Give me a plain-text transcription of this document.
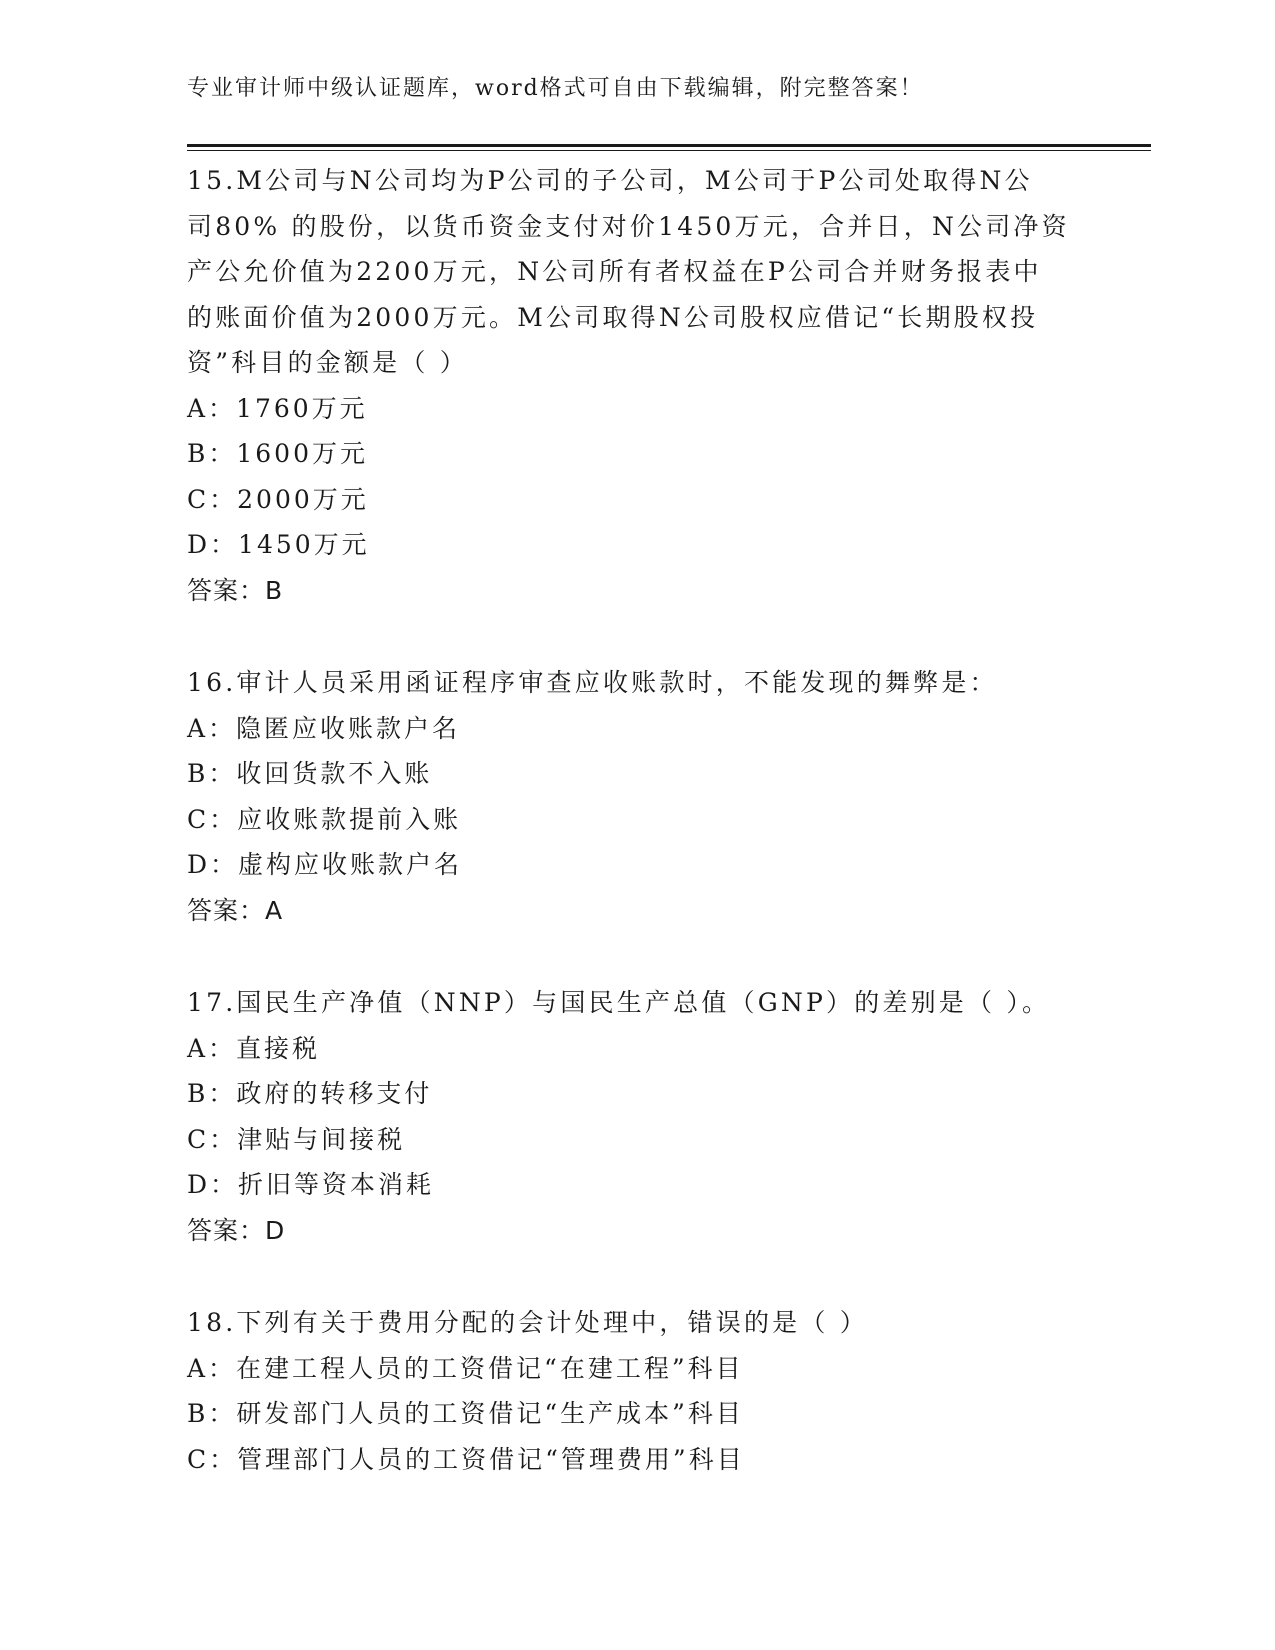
专业审计师中级认证题库，word格式可自由下载编辑，附完整答案！
15.M公司与N公司均为P公司的子公司，M公司于P公司处取得N公
司80% 的股份，以货币资金支付对价1450万元，合并日，N公司净资
产公允价值为2200万元，N公司所有者权益在P公司合并财务报表中
的账面价值为2000万元。M公司取得N公司股权应借记“长期股权投
资”科目的金额是（ ）
A：1760万元
B：1600万元
C：2000万元
D：1450万元
答案：B
16.审计人员采用函证程序审查应收账款时，不能发现的舞弊是：
A：隐匿应收账款户名
B：收回货款不入账
C：应收账款提前入账
D：虚构应收账款户名
答案：A
17.国民生产净值（NNP）与国民生产总值（GNP）的差别是（ ）。
A：直接税
B：政府的转移支付
C：津贴与间接税
D：折旧等资本消耗
答案：D
18.下列有关于费用分配的会计处理中，错误的是（ ）
A：在建工程人员的工资借记“在建工程”科目
B：研发部门人员的工资借记“生产成本”科目
C：管理部门人员的工资借记“管理费用”科目
